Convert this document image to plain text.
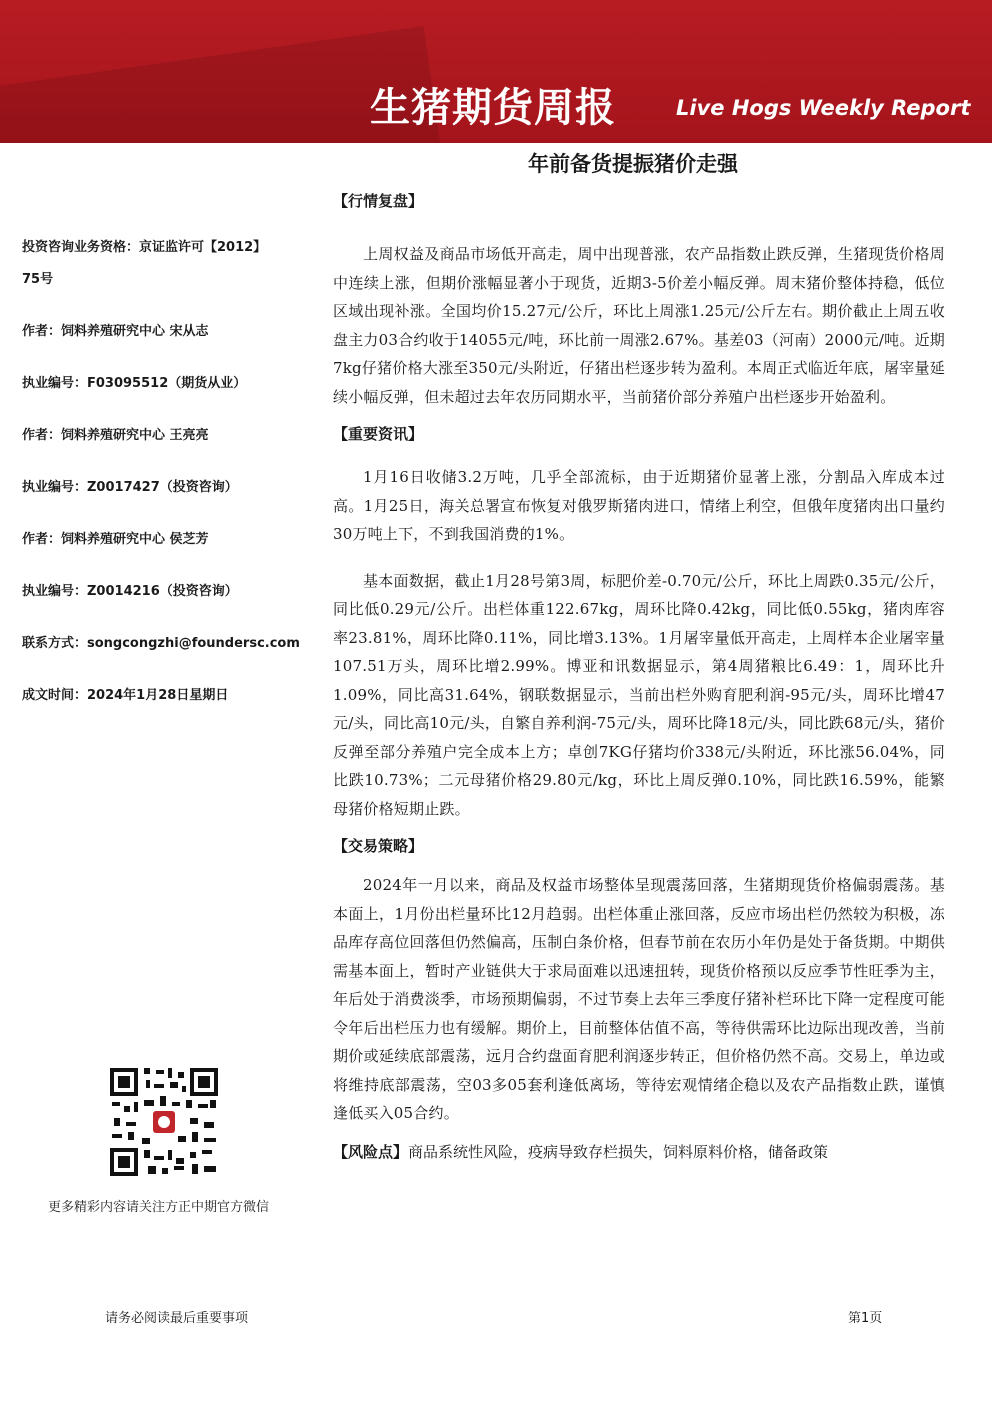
生猪期货周报	Live Hogs Weekly Report
年前备货提振猪价走强

投资咨询业务资格：京证监许可【2012】

75号

作者：饲料养殖研究中心 宋从志

执业编号：F03095512（期货从业）

作者：饲料养殖研究中心 王亮亮

执业编号：Z0017427（投资咨询）

作者：饲料养殖研究中心 侯芝芳

执业编号：Z0014216（投资咨询）

联系方式：songcongzhi@foundersc.com

成文时间：2024年1月28日星期日

更多精彩内容请关注方正中期官方微信
【行情复盘】

上周权益及商品市场低开高走，周中出现普涨，农产品指数止跌反弹，生猪现货价格周中连续上涨，但期价涨幅显著小于现货，近期3-5价差小幅反弹。周末猪价整体持稳，低位区域出现补涨。全国均价15.27元/公斤，环比上周涨1.25元/公斤左右。期价截止上周五收盘主力03合约收于14055元/吨，环比前一周涨2.67%。基差03（河南）2000元/吨。近期7kg仔猪价格大涨至350元/头附近，仔猪出栏逐步转为盈利。本周正式临近年底，屠宰量延续小幅反弹，但未超过去年农历同期水平，当前猪价部分养殖户出栏逐步开始盈利。

【重要资讯】

1月16日收储3.2万吨，几乎全部流标，由于近期猪价显著上涨，分割品入库成本过高。1月25日，海关总署宣布恢复对俄罗斯猪肉进口，情绪上利空，但俄年度猪肉出口量约30万吨上下，不到我国消费的1%。

基本面数据，截止1月28号第3周，标肥价差-0.70元/公斤，环比上周跌0.35元/公斤，同比低0.29元/公斤。出栏体重122.67kg，周环比降0.42kg，同比低0.55kg，猪肉库容率23.81%，周环比降0.11%，同比增3.13%。1月屠宰量低开高走，上周样本企业屠宰量107.51万头，周环比增2.99%。博亚和讯数据显示，第4周猪粮比6.49：1，周环比升1.09%，同比高31.64%，钢联数据显示，当前出栏外购育肥利润-95元/头，周环比增47元/头，同比高10元/头，自繁自养利润-75元/头，周环比降18元/头，同比跌68元/头，猪价反弹至部分养殖户完全成本上方；卓创7KG仔猪均价338元/头附近，环比涨56.04%，同比跌10.73%；二元母猪价格29.80元/kg，环比上周反弹0.10%，同比跌16.59%，能繁母猪价格短期止跌。

【交易策略】

2024年一月以来，商品及权益市场整体呈现震荡回落，生猪期现货价格偏弱震荡。基本面上，1月份出栏量环比12月趋弱。出栏体重止涨回落，反应市场出栏仍然较为积极，冻品库存高位回落但仍然偏高，压制白条价格，但春节前在农历小年仍是处于备货期。中期供需基本面上，暂时产业链供大于求局面难以迅速扭转，现货价格预以反应季节性旺季为主，年后处于消费淡季，市场预期偏弱，不过节奏上去年三季度仔猪补栏环比下降一定程度可能令年后出栏压力也有缓解。期价上，目前整体估值不高，等待供需环比边际出现改善，当前期价或延续底部震荡，远月合约盘面育肥利润逐步转正，但价格仍然不高。交易上，单边或将维持底部震荡，空03多05套利逢低离场，等待宏观情绪企稳以及农产品指数止跌，谨慎逢低买入05合约。

【风险点】商品系统性风险，疫病导致存栏损失，饲料原料价格，储备政策

请务必阅读最后重要事项	第1页
